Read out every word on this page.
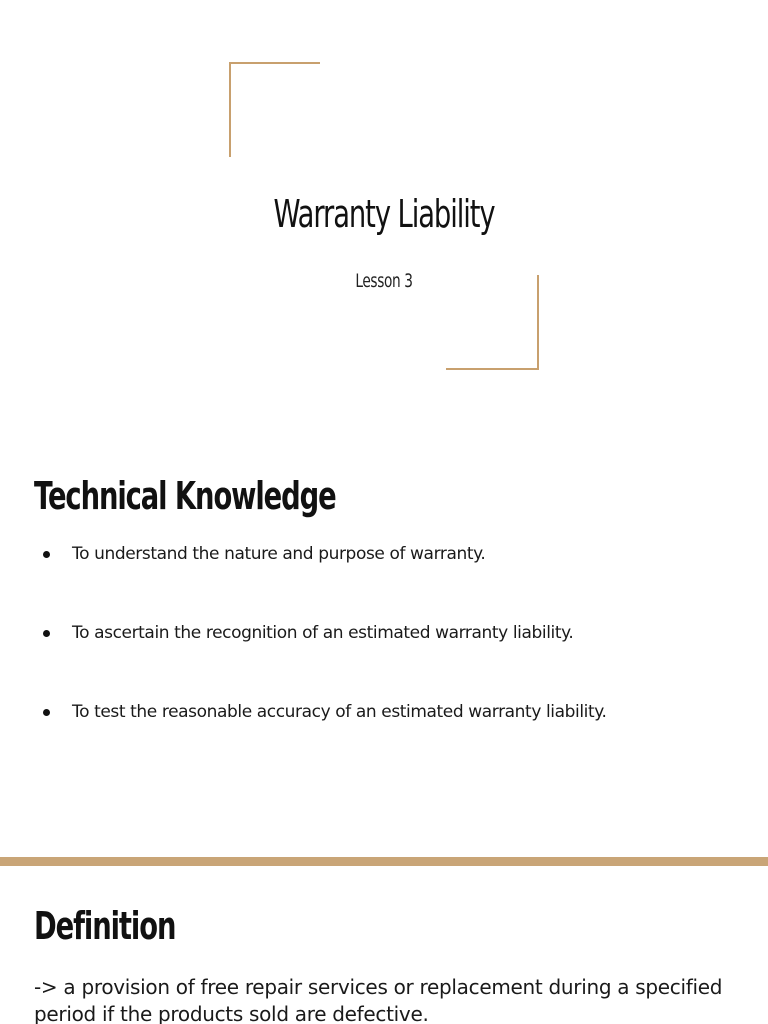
Warranty Liability
Lesson 3
Technical Knowledge
To understand the nature and purpose of warranty.
To ascertain the recognition of an estimated warranty liability.
To test the reasonable accuracy of an estimated warranty liability.
Definition

-> a provision of free repair services or replacement during a specified period if the products sold are defective.
